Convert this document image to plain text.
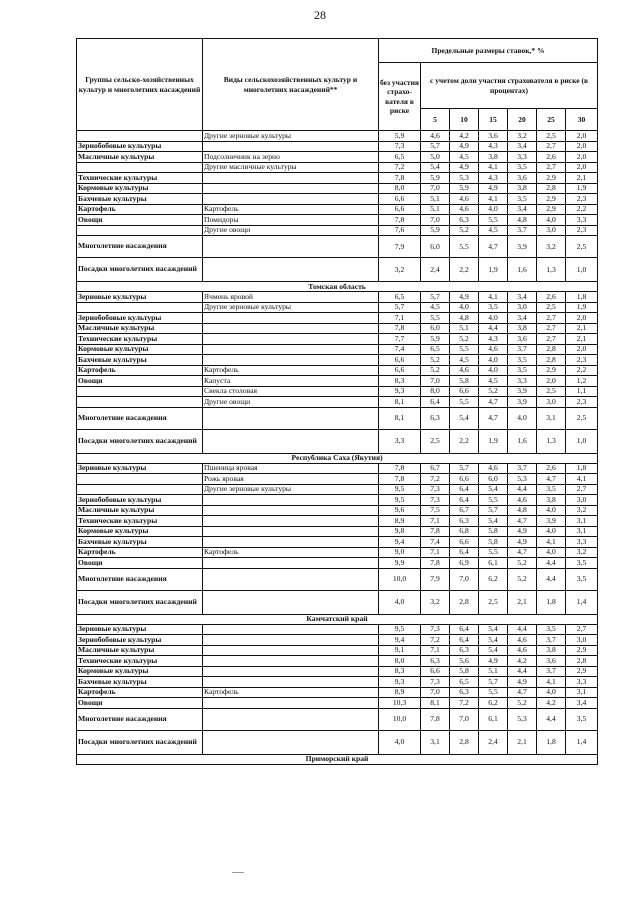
28
Группы сельско-хозяйственных культур и многолетних насаждений	Виды сельскохозяйственных культур и многолетних насаждений**	Предельные размеры ставок,* %						
		без участия страхо-вателя в риске	с учетом доли участия страхователя в риске (в процентах)					
			5	10	15	20	25	30
	Другие зерновые культуры	5,9	4,6	4,2	3,6	3,2	2,5	2,0
Зернобобовые культуры		7,3	5,7	4,9	4,3	3,4	2,7	2,0
Масличные культуры	Подсолнечник на зерно	6,5	5,0	4,5	3,8	3,3	2,6	2,0
	Другие масличные культуры	7,2	5,4	4,9	4,1	3,5	2,7	2,0
Технические культуры		7,8	5,9	5,3	4,3	3,6	2,9	2,1
Кормовые культуры		8,0	7,0	5,9	4,9	3,8	2,8	1,9
Бахчевые культуры		6,6	5,1	4,6	4,1	3,5	2,9	2,3
Картофель	Картофель	6,6	5,1	4,6	4,0	3,4	2,9	2,2
Овощи	Помидоры	7,8	7,0	6,3	5,5	4,8	4,0	3,3
	Другие овощи	7,6	5,9	5,2	4,5	3,7	3,0	2,3
Многолетние насаждения		7,9	6,0	5,5	4,7	3,9	3,2	2,5
Посадки многолетних насаждений		3,2	2,4	2,2	1,9	1,6	1,3	1,0
Томская область								
Зерновые культуры	Ячмень яровой	6,5	5,7	4,9	4,1	3,4	2,6	1,8
	Другие зерновые культуры	5,7	4,5	4,0	3,5	3,0	2,5	1,9
Зернобобовые культуры		7,1	5,5	4,8	4,0	3,4	2,7	2,0
Масличные культуры		7,8	6,0	5,1	4,4	3,8	2,7	2,1
Технические культуры		7,7	5,9	5,2	4,3	3,6	2,7	2,1
Кормовые культуры		7,4	6,5	5,5	4,6	3,7	2,8	2,0
Бахчевые культуры		6,6	5,2	4,5	4,0	3,5	2,8	2,3
Картофель	Картофель	6,6	5,2	4,6	4,0	3,5	2,9	2,2
Овощи	Капуста	8,3	7,0	5,8	4,5	3,3	2,0	1,2
	Свекла столовая	9,3	8,0	6,6	5,2	3,9	2,5	1,1
	Другие овощи	8,1	6,4	5,5	4,7	3,9	3,0	2,3
Многолетние насаждения		8,1	6,3	5,4	4,7	4,0	3,1	2,5
Посадки многолетних насаждений		3,3	2,5	2,2	1,9	1,6	1,3	1,0
Республика Саха (Якутия)								
Зерновые культуры	Пшеница яровая	7,8	6,7	5,7	4,6	3,7	2,6	1,8
	Рожь яровая	7,8	7,2	6,6	6,0	5,3	4,7	4,1
	Другие зерновые культуры	9,5	7,3	6,4	5,4	4,4	3,5	2,7
Зернобобовые культуры		9,5	7,3	6,4	5,5	4,6	3,8	3,0
Масличные культуры		9,6	7,5	6,7	5,7	4,8	4,0	3,2
Технические культуры		8,9	7,1	6,3	5,4	4,7	3,9	3,1
Кормовые культуры		9,8	7,8	6,8	5,8	4,9	4,0	3,1
Бахчевые культуры		9,4	7,4	6,6	5,8	4,9	4,1	3,3
Картофель	Картофель	9,0	7,1	6,4	5,5	4,7	4,0	3,2
Овощи		9,9	7,8	6,9	6,1	5,2	4,4	3,5
Многолетние насаждения		10,0	7,9	7,0	6,2	5,2	4,4	3,5
Посадки многолетних насаждений		4,0	3,2	2,8	2,5	2,1	1,8	1,4
Камчатский край								
Зерновые культуры		9,5	7,3	6,4	5,4	4,4	3,5	2,7
Зернобобовые культуры		9,4	7,2	6,4	5,4	4,6	3,7	3,0
Масличные культуры		9,1	7,1	6,3	5,4	4,6	3,8	2,9
Технические культуры		8,0	6,3	5,6	4,9	4,2	3,6	2,8
Кормовые культуры		8,3	6,6	5,8	5,1	4,4	3,7	2,9
Бахчевые культуры		9,3	7,3	6,5	5,7	4,9	4,1	3,3
Картофель	Картофель	8,9	7,0	6,3	5,5	4,7	4,0	3,1
Овощи		10,3	8,1	7,2	6,2	5,2	4,2	3,4
Многолетние насаждения		10,0	7,8	7,0	6,1	5,3	4,4	3,5
Посадки многолетних насаждений		4,0	3,1	2,8	2,4	2,1	1,8	1,4
Приморский край								
